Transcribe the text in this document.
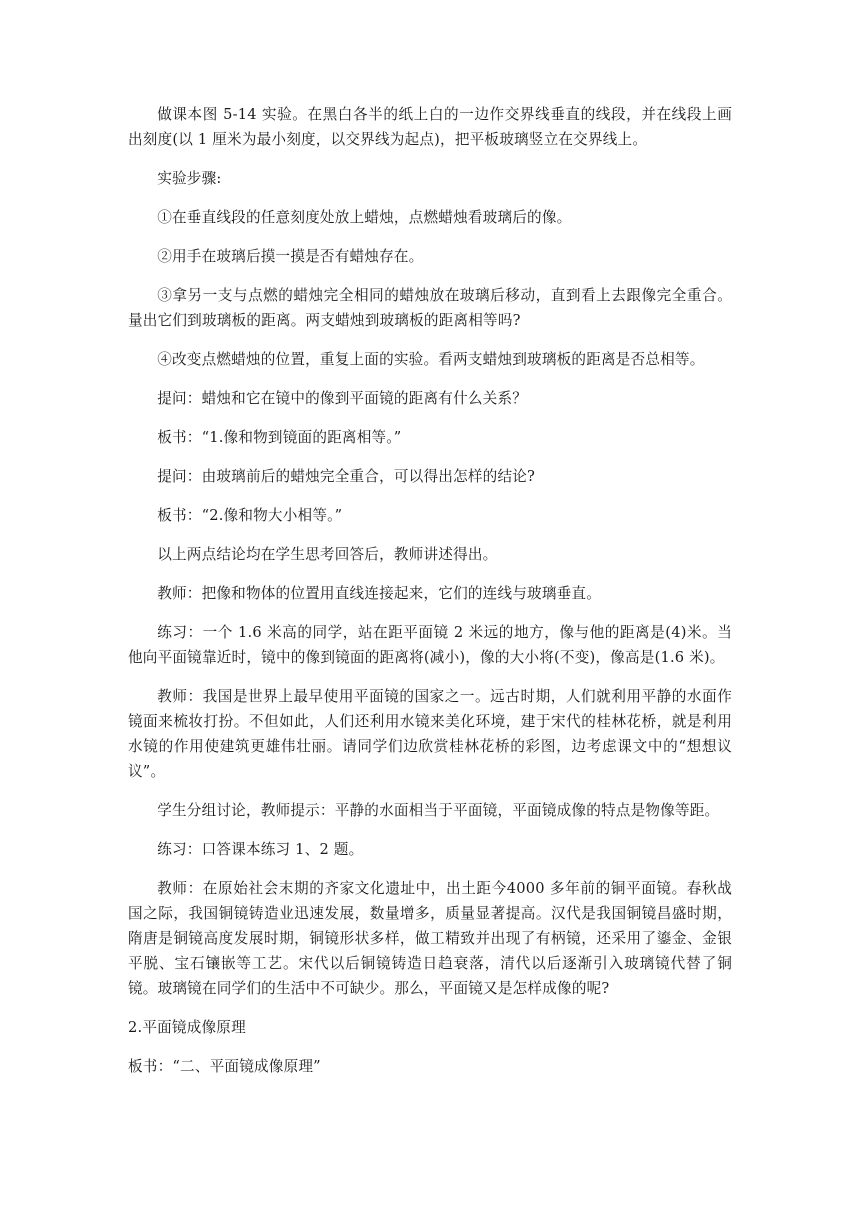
做课本图 5-14 实验。在黑白各半的纸上白的一边作交界线垂直的线段，并在线段上画出刻度(以 1 厘米为最小刻度，以交界线为起点)，把平板玻璃竖立在交界线上。

实验步骤:

①在垂直线段的任意刻度处放上蜡烛，点燃蜡烛看玻璃后的像。

②用手在玻璃后摸一摸是否有蜡烛存在。

③拿另一支与点燃的蜡烛完全相同的蜡烛放在玻璃后移动，直到看上去跟像完全重合。量出它们到玻璃板的距离。两支蜡烛到玻璃板的距离相等吗?

④改变点燃蜡烛的位置，重复上面的实验。看两支蜡烛到玻璃板的距离是否总相等。

提问：蜡烛和它在镜中的像到平面镜的距离有什么关系？

板书：“1.像和物到镜面的距离相等。”

提问：由玻璃前后的蜡烛完全重合，可以得出怎样的结论?

板书：“2.像和物大小相等。”

以上两点结论均在学生思考回答后，教师讲述得出。

教师：把像和物体的位置用直线连接起来，它们的连线与玻璃垂直。

练习：一个 1.6 米高的同学，站在距平面镜 2 米远的地方，像与他的距离是(4)米。当他向平面镜靠近时，镜中的像到镜面的距离将(减小)，像的大小将(不变)，像高是(1.6 米)。

教师：我国是世界上最早使用平面镜的国家之一。远古时期，人们就利用平静的水面作镜面来梳妆打扮。不但如此，人们还利用水镜来美化环境，建于宋代的桂林花桥，就是利用水镜的作用使建筑更雄伟壮丽。请同学们边欣赏桂林花桥的彩图，边考虑课文中的“想想议议”。

学生分组讨论，教师提示：平静的水面相当于平面镜，平面镜成像的特点是物像等距。

练习：口答课本练习 1、2 题。

教师：在原始社会末期的齐家文化遗址中，出土距今4000 多年前的铜平面镜。春秋战国之际，我国铜镜铸造业迅速发展，数量增多，质量显著提高。汉代是我国铜镜昌盛时期，隋唐是铜镜高度发展时期，铜镜形状多样，做工精致并出现了有柄镜，还采用了鎏金、金银平脱、宝石镶嵌等工艺。宋代以后铜镜铸造日趋衰落，清代以后逐渐引入玻璃镜代替了铜镜。玻璃镜在同学们的生活中不可缺少。那么，平面镜又是怎样成像的呢?

2.平面镜成像原理

板书：“二、平面镜成像原理”
